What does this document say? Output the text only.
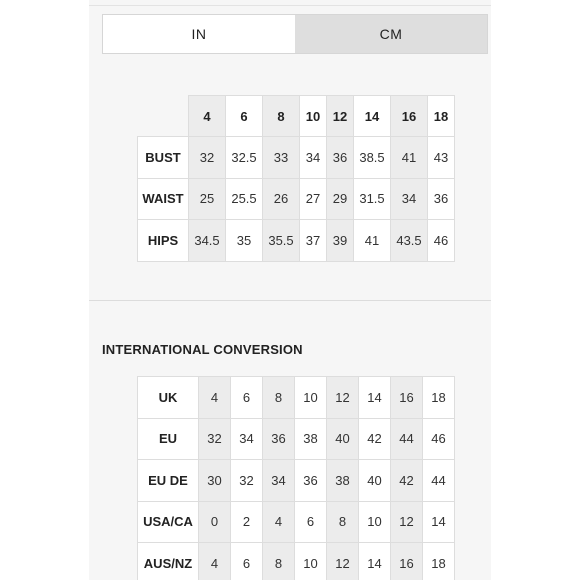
IN	CM
	4	6	8	10	12	14	16	18
BUST	32	32.5	33	34	36	38.5	41	43
WAIST	25	25.5	26	27	29	31.5	34	36
HIPS	34.5	35	35.5	37	39	41	43.5	46
INTERNATIONAL CONVERSION
UK	4	6	8	10	12	14	16	18
EU	32	34	36	38	40	42	44	46
EU DE	30	32	34	36	38	40	42	44
USA/CA	0	2	4	6	8	10	12	14
AUS/NZ	4	6	8	10	12	14	16	18
